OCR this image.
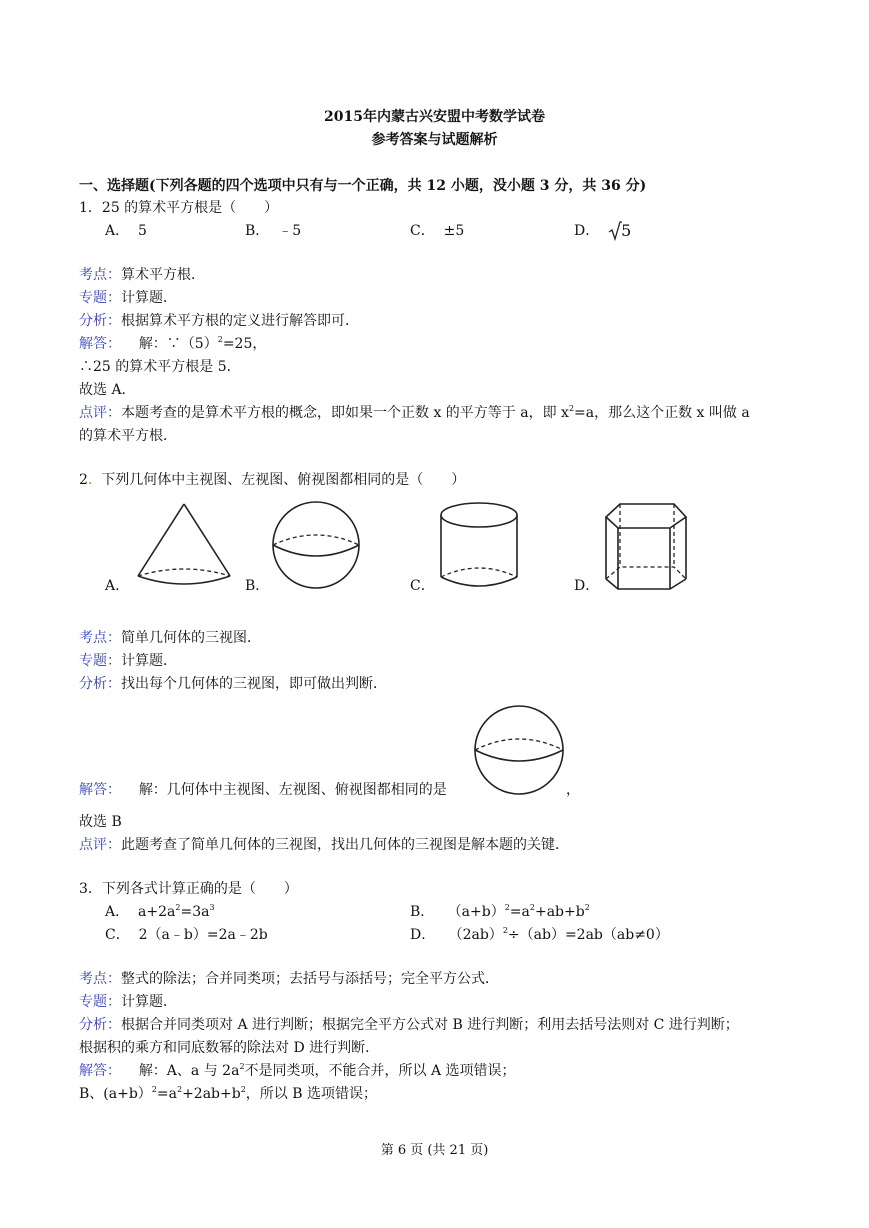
2015年内蒙古兴安盟中考数学试卷
参考答案与试题解析
一、选择题(下列各题的四个选项中只有与一个正确，共 12 小题，没小题 3 分，共 36 分)
1．25 的算术平方根是（　　）
A． 5	B． ﹣5	C． ±5	D． 5
考点：算术平方根．
专题：计算题．
分析：根据算术平方根的定义进行解答即可．
解答： 解：$\because(5)^2=25$，
∴25 的算术平方根是 5．
故选 A．
点评：本题考查的是算术平方根的概念，即如果一个正数 x 的平方等于 a，即 $x^2=a$，那么这个正数 x 叫做 a
的算术平方根．
2. 下列几何体中主视图、左视图、俯视图都相同的是（　　）
A．	B．	C．	D．
考点：简单几何体的三视图．
专题：计算题．
分析：找出每个几何体的三视图，即可做出判断．
解答： 解：几何体中主视图、左视图、俯视图都相同的是	，
故选 B
点评：此题考查了简单几何体的三视图，找出几何体的三视图是解本题的关键．
3．下列各式计算正确的是（　　）
A． $a+2a^2=3a^3$	B． $(a+b)^2=a^2+ab+b^2$
C． 2（a﹣b）=2a﹣2b	D． $(2ab)^2\div(ab)=2ab(ab\ne 0)$
考点：整式的除法；合并同类项；去括号与添括号；完全平方公式．
专题：计算题．
分析：根据合并同类项对 A 进行判断；根据完全平方公式对 B 进行判断；利用去括号法则对 C 进行判断；
根据积的乘方和同底数幂的除法对 D 进行判断．
解答： 解：A、a 与 $2a^2$不是同类项，不能合并，所以 A 选项错误；
B、$(a+b)^2=a^2+2ab+b^2$，所以 B 选项错误；
第 6 页 (共 21 页)
